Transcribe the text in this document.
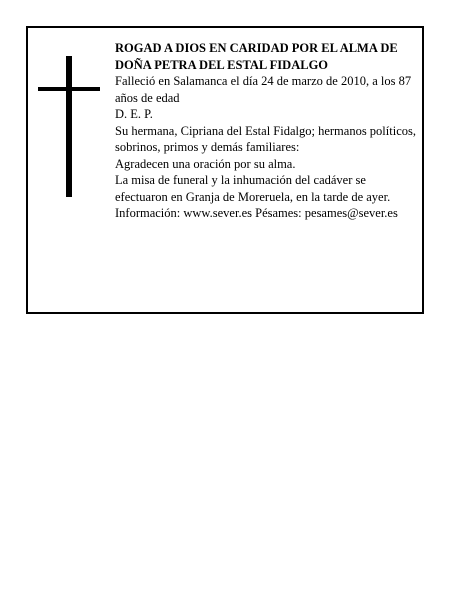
ROGAD A DIOS EN CARIDAD POR EL ALMA DE

DOÑA PETRA DEL ESTAL FIDALGO

Falleció en Salamanca el día 24 de marzo de 2010, a los 87 años de edad

D. E. P.

Su hermana, Cipriana del Estal Fidalgo; hermanos políticos, sobrinos, primos y demás familiares:

Agradecen una oración por su alma.

La misa de funeral y la inhumación del cadáver se efectuaron en Granja de Moreruela, en la tarde de ayer.

Información: www.sever.es Pésames: pesames@sever.es
